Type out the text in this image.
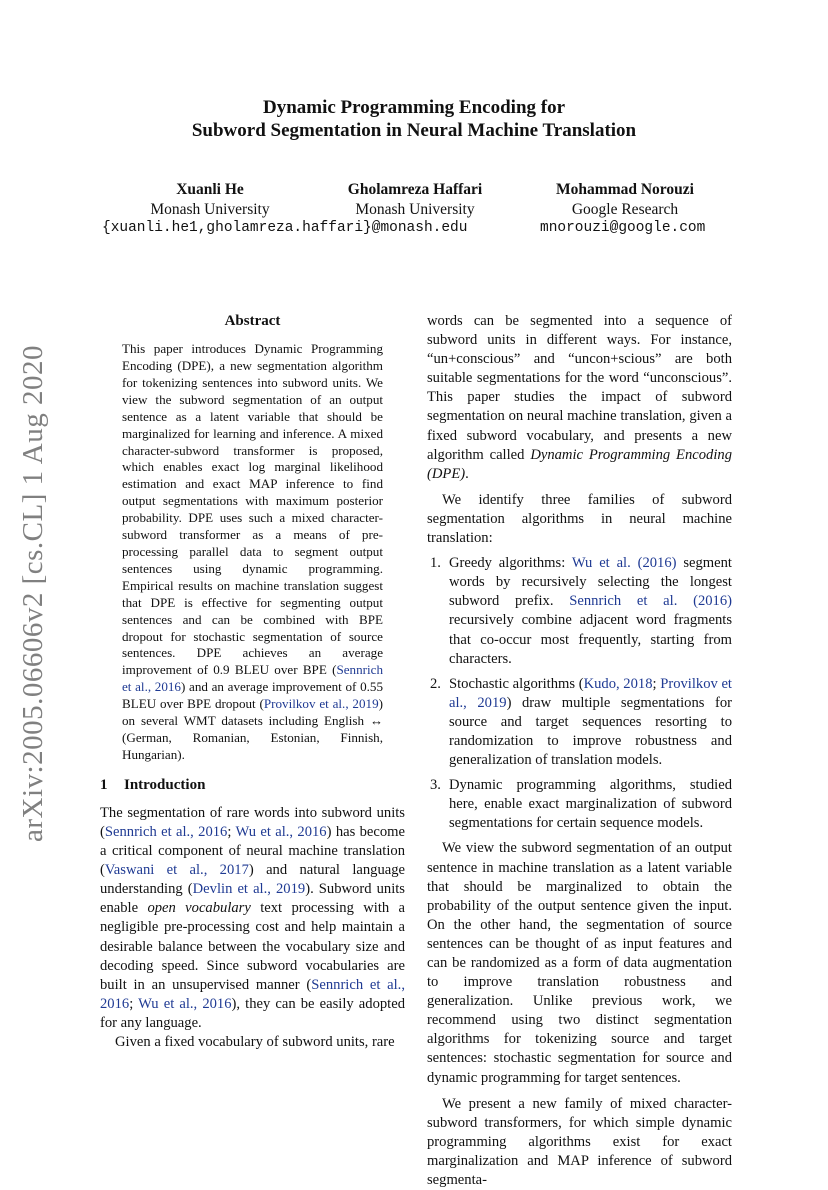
arXiv:2005.06606v2 [cs.CL] 1 Aug 2020
Dynamic Programming Encoding for
Subword Segmentation in Neural Machine Translation
Xuanli He
Monash University
Gholamreza Haffari
Monash University
Mohammad Norouzi
Google Research
{xuanli.he1,gholamreza.haffari}@monash.edu	mnorouzi@google.com
Abstract
This paper introduces Dynamic Programming Encoding (DPE), a new segmentation algorithm for tokenizing sentences into subword units. We view the subword segmentation of an output sentence as a latent variable that should be marginalized for learning and inference. A mixed character-subword transformer is proposed, which enables exact log marginal likelihood estimation and exact MAP inference to find output segmentations with maximum posterior probability. DPE uses such a mixed character-subword transformer as a means of pre-processing parallel data to segment output sentences using dynamic programming. Empirical results on machine translation suggest that DPE is effective for segmenting output sentences and can be combined with BPE dropout for stochastic segmentation of source sentences. DPE achieves an average improvement of 0.9 BLEU over BPE (Sennrich et al., 2016) and an average improvement of 0.55 BLEU over BPE dropout (Provilkov et al., 2019) on several WMT datasets including English ↔ (German, Romanian, Estonian, Finnish, Hungarian).
1 Introduction

The segmentation of rare words into subword units (Sennrich et al., 2016; Wu et al., 2016) has become a critical component of neural machine translation (Vaswani et al., 2017) and natural language understanding (Devlin et al., 2019). Subword units enable open vocabulary text processing with a negligible pre-processing cost and help maintain a desirable balance between the vocabulary size and decoding speed. Since subword vocabularies are built in an unsupervised manner (Sennrich et al., 2016; Wu et al., 2016), they can be easily adopted for any language.

Given a fixed vocabulary of subword units, rare

words can be segmented into a sequence of subword units in different ways. For instance, “un+conscious” and “uncon+scious” are both suitable segmentations for the word “unconscious”. This paper studies the impact of subword segmentation on neural machine translation, given a fixed subword vocabulary, and presents a new algorithm called Dynamic Programming Encoding (DPE).

We identify three families of subword segmentation algorithms in neural machine translation:

1. Greedy algorithms: Wu et al. (2016) segment words by recursively selecting the longest subword prefix. Sennrich et al. (2016) recursively combine adjacent word fragments that co-occur most frequently, starting from characters.
2. Stochastic algorithms (Kudo, 2018; Provilkov et al., 2019) draw multiple segmentations for source and target sequences resorting to randomization to improve robustness and generalization of translation models.
3. Dynamic programming algorithms, studied here, enable exact marginalization of subword segmentations for certain sequence models.

We view the subword segmentation of an output sentence in machine translation as a latent variable that should be marginalized to obtain the probability of the output sentence given the input. On the other hand, the segmentation of source sentences can be thought of as input features and can be randomized as a form of data augmentation to improve translation robustness and generalization. Unlike previous work, we recommend using two distinct segmentation algorithms for tokenizing source and target sentences: stochastic segmentation for source and dynamic programming for target sentences.

We present a new family of mixed character-subword transformers, for which simple dynamic programming algorithms exist for exact marginalization and MAP inference of subword segmenta-
